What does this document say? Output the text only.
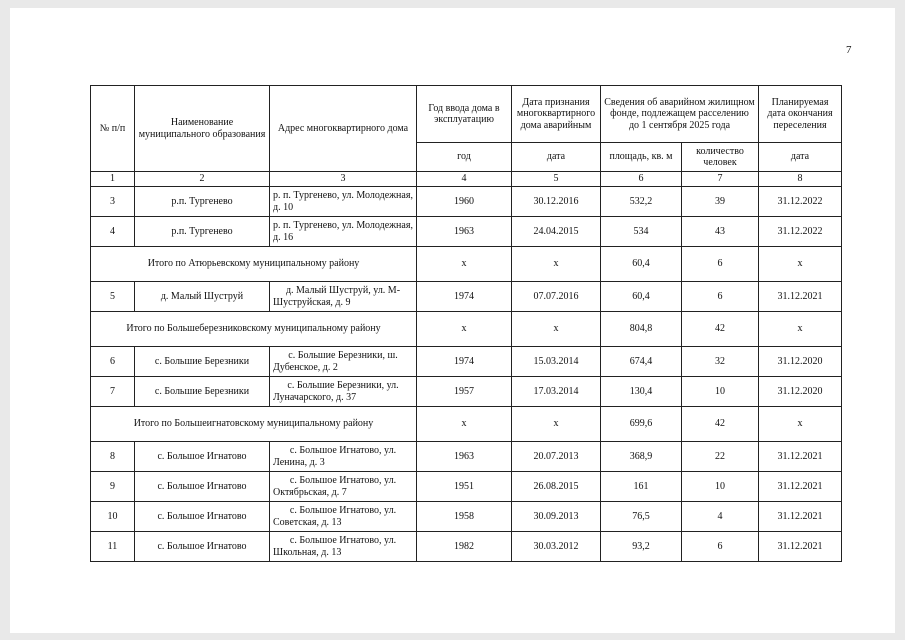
7
№ п/п	Наименование муниципального образования	Адрес многоквартирного дома	Год ввода дома в эксплуатацию	Дата признания многоквартирного дома аварийным	Сведения об аварийном жилищном фонде, подлежащем расселению до 1 сентября 2025 года		Планируемая дата окончания переселения
			год	дата	площадь, кв. м	количество человек	дата
1	2	3	4	5	6	7	8
3	р.п. Тургенево	р. п. Тургенево, ул. Молодежная, д. 10	1960	30.12.2016	532,2	39	31.12.2022
4	р.п. Тургенево	р. п. Тургенево, ул. Молодежная, д. 16	1963	24.04.2015	534	43	31.12.2022
Итого по Атюрьевскому муниципальному району			x	x	60,4	6	x
5	д. Малый Шуструй	д. Малый Шуструй, ул. М-Шуструйская, д. 9	1974	07.07.2016	60,4	6	31.12.2021
Итого по Большеберезниковскому муниципальному району			x	x	804,8	42	x
6	с. Большие Березники	с. Большие Березники, ш. Дубенское, д. 2	1974	15.03.2014	674,4	32	31.12.2020
7	с. Большие Березники	с. Большие Березники, ул. Луначарского, д. 37	1957	17.03.2014	130,4	10	31.12.2020
Итого по Большеигнатовскому муниципальному району			x	x	699,6	42	x
8	с. Большое Игнатово	с. Большое Игнатово, ул. Ленина, д. 3	1963	20.07.2013	368,9	22	31.12.2021
9	с. Большое Игнатово	с. Большое Игнатово, ул. Октябрьская, д. 7	1951	26.08.2015	161	10	31.12.2021
10	с. Большое Игнатово	с. Большое Игнатово, ул. Советская, д. 13	1958	30.09.2013	76,5	4	31.12.2021
11	с. Большое Игнатово	с. Большое Игнатово, ул. Школьная, д. 13	1982	30.03.2012	93,2	6	31.12.2021
